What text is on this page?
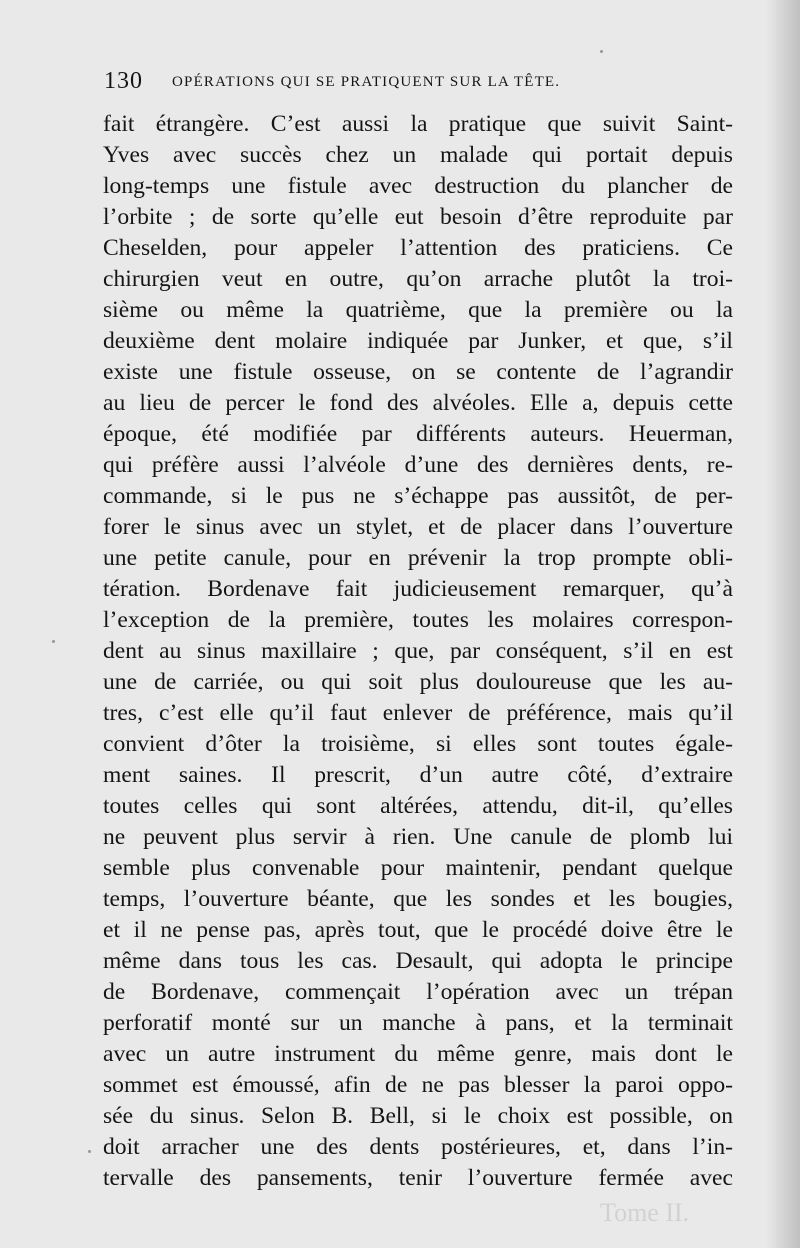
130 OPÉRATIONS QUI SE PRATIQUENT SUR LA TÊTE.
fait étrangère. C’est aussi la pratique que suivit Saint-
Yves avec succès chez un malade qui portait depuis
long-temps une fistule avec destruction du plancher de
l’orbite ; de sorte qu’elle eut besoin d’être reproduite par
Cheselden, pour appeler l’attention des praticiens. Ce
chirurgien veut en outre, qu’on arrache plutôt la troi-
sième ou même la quatrième, que la première ou la
deuxième dent molaire indiquée par Junker, et que, s’il
existe une fistule osseuse, on se contente de l’agrandir
au lieu de percer le fond des alvéoles. Elle a, depuis cette
époque, été modifiée par différents auteurs. Heuerman,
qui préfère aussi l’alvéole d’une des dernières dents, re-
commande, si le pus ne s’échappe pas aussitôt, de per-
forer le sinus avec un stylet, et de placer dans l’ouverture
une petite canule, pour en prévenir la trop prompte obli-
tération. Bordenave fait judicieusement remarquer, qu’à
l’exception de la première, toutes les molaires correspon-
dent au sinus maxillaire ; que, par conséquent, s’il en est
une de carriée, ou qui soit plus douloureuse que les au-
tres, c’est elle qu’il faut enlever de préférence, mais qu’il
convient d’ôter la troisième, si elles sont toutes égale-
ment saines. Il prescrit, d’un autre côté, d’extraire
toutes celles qui sont altérées, attendu, dit-il, qu’elles
ne peuvent plus servir à rien. Une canule de plomb lui
semble plus convenable pour maintenir, pendant quelque
temps, l’ouverture béante, que les sondes et les bougies,
et il ne pense pas, après tout, que le procédé doive être le
même dans tous les cas. Desault, qui adopta le principe
de Bordenave, commençait l’opération avec un trépan
perforatif monté sur un manche à pans, et la terminait
avec un autre instrument du même genre, mais dont le
sommet est émoussé, afin de ne pas blesser la paroi oppo-
sée du sinus. Selon B. Bell, si le choix est possible, on
doit arracher une des dents postérieures, et, dans l’in-
tervalle des pansements, tenir l’ouverture fermée avec
Tome II.
